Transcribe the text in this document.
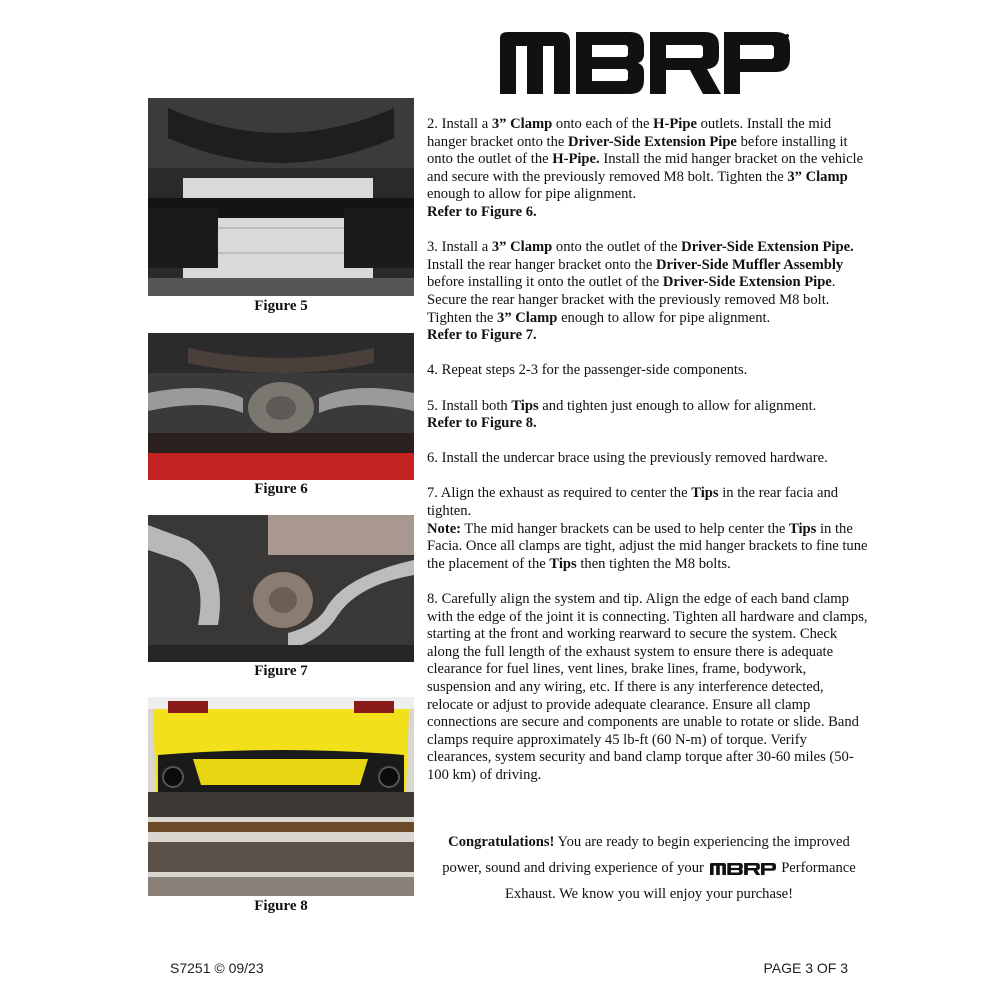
Figure 5
Figure 6
Figure 7
Figure 8

2. Install a 3” Clamp onto each of the H-Pipe outlets. Install the mid hanger bracket onto the Driver-Side Extension Pipe before installing it onto the outlet of the H-Pipe. Install the mid hanger bracket on the vehicle and secure with the previously removed M8 bolt. Tighten the 3” Clamp enough to allow for pipe alignment.
Refer to Figure 6.

3. Install a 3” Clamp onto the outlet of the Driver-Side Extension Pipe. Install the rear hanger bracket onto the Driver-Side Muffler Assembly before installing it onto the outlet of the Driver-Side Extension Pipe. Secure the rear hanger bracket with the previously removed M8 bolt. Tighten the 3” Clamp enough to allow for pipe alignment.
Refer to Figure 7.

4. Repeat steps 2-3 for the passenger-side components.

5. Install both Tips and tighten just enough to allow for alignment.
Refer to Figure 8.

6. Install the undercar brace using the previously removed hardware.

7. Align the exhaust as required to center the Tips in the rear facia and tighten.
Note: The mid hanger brackets can be used to help center the Tips in the Facia. Once all clamps are tight, adjust the mid hanger brackets to fine tune the placement of the Tips then tighten the M8 bolts.

8. Carefully align the system and tip. Align the edge of each band clamp with the edge of the joint it is connecting. Tighten all hardware and clamps, starting at the front and working rearward to secure the system. Check along the full length of the exhaust system to ensure there is adequate clearance for fuel lines, vent lines, brake lines, frame, bodywork, suspension and any wiring, etc. If there is any interference detected, relocate or adjust to provide adequate clearance. Ensure all clamp connections are secure and components are unable to rotate or slide. Band clamps require approximately 45 lb-ft (60 N-m) of torque. Verify clearances, system security and band clamp torque after 30-60 miles (50-100 km) of driving.

Congratulations! You are ready to begin experiencing the improved
power, sound and driving experience of your	Performance
Exhaust. We know you will enjoy your purchase!
S7251 © 09/23	PAGE 3 OF 3
